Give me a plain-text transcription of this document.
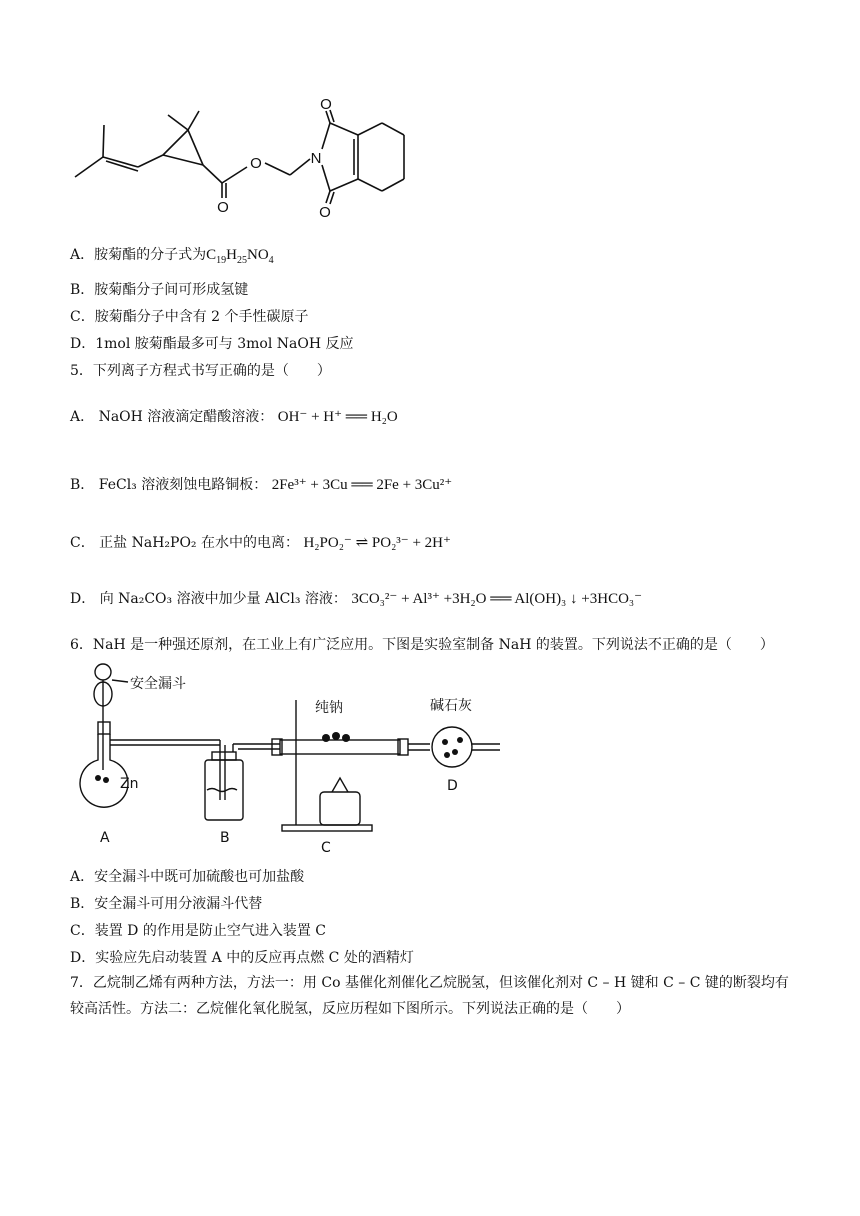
O
O
O
O
N
A．胺菊酯的分子式为$C_{19}H_{25}NO_4$
B．胺菊酯分子间可形成氢键
C．胺菊酯分子中含有 2 个手性碳原子
D．1mol 胺菊酯最多可与 3mol NaOH 反应
5．下列离子方程式书写正确的是（　　）
A． NaOH 溶液滴定醋酸溶液： OH⁻ + H⁺ ══ H₂O
B． FeCl₃ 溶液刻蚀电路铜板： 2Fe³⁺ + 3Cu ══ 2Fe + 3Cu²⁺
C． 正盐 NaH₂PO₂ 在水中的电离： H₂PO₂⁻ ⇌ PO₂³⁻ + 2H⁺
D． 向 Na₂CO₃ 溶液中加少量 AlCl₃ 溶液： 3CO₃²⁻ + Al³⁺ +3H₂O ══ Al(OH)₃ ↓ +3HCO₃⁻
6．NaH 是一种强还原剂，在工业上有广泛应用。下图是实验室制备 NaH 的装置。下列说法不正确的是（　　）
安全漏斗
纯钠	碱石灰
Zn
A	B
C
D
A．安全漏斗中既可加硫酸也可加盐酸
B．安全漏斗可用分液漏斗代替
C．装置 D 的作用是防止空气进入装置 C
D．实验应先启动装置 A 中的反应再点燃 C 处的酒精灯
7．乙烷制乙烯有两种方法，方法一：用 Co 基催化剂催化乙烷脱氢，但该催化剂对 C – H 键和 C – C 键的断裂均有较高活性。方法二：乙烷催化氧化脱氢，反应历程如下图所示。下列说法正确的是（　　）
